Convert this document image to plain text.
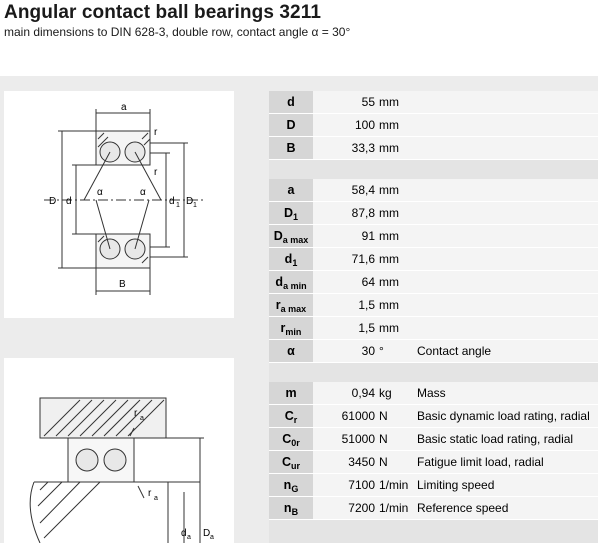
Angular contact ball bearings 3211
main dimensions to DIN 628-3, double row, contact angle α = 30°
a
r
r
α	α
D d	d 1 D 1
B
r a
r a
d a D a
d	55 mm
D	100 mm
B	33,3 mm
a	58,4 mm
$D_1$	87,8 mm
$D_{a max}$	91 mm
$d_1$	71,6 mm
$d_{a min}$	64 mm
$r_{a max}$	1,5 mm
$r_{min}$	1,5 mm
α	30 °	Contact angle
m	0,94 kg Mass
$C_r$	61000 N Basic dynamic load rating, radial
$C_{0r}$	51000 N Basic static load rating, radial
$C_{ur}$	3450 N Fatigue limit load, radial
$n_G$	7100 1/min Limiting speed
$n_B$	7200 1/min Reference speed
